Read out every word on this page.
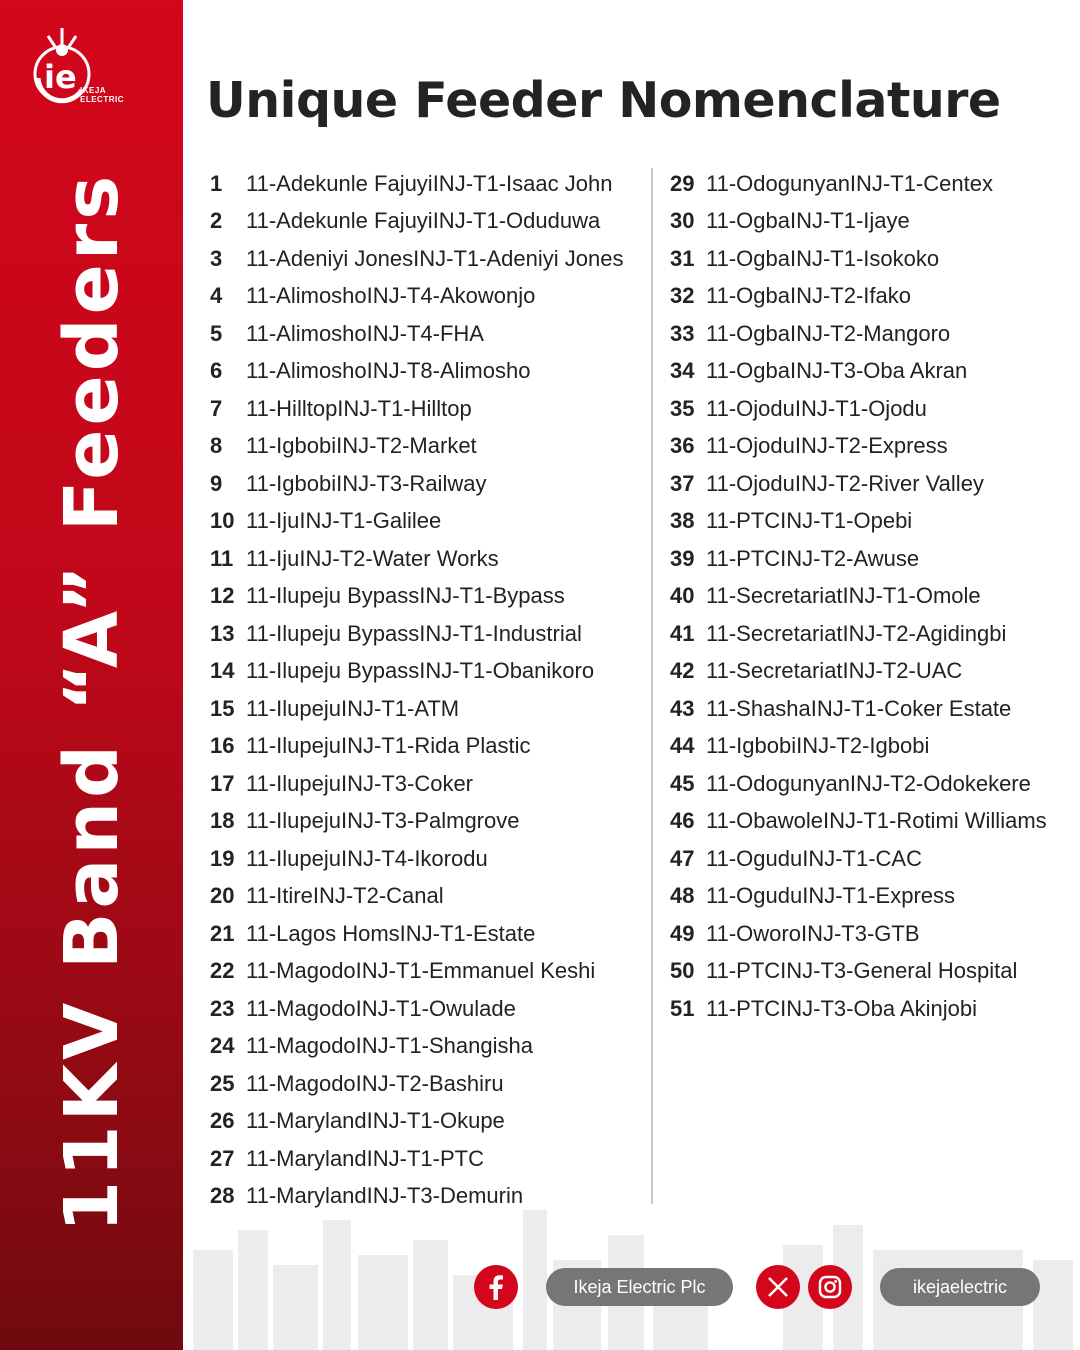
ie IKEJA
ELECTRIC
11KV Band “A” Feeders
Unique Feeder Nomenclature
1	11-Adekunle FajuyiINJ-T1-Isaac John
2	11-Adekunle FajuyiINJ-T1-Oduduwa
3	11-Adeniyi JonesINJ-T1-Adeniyi Jones
4	11-AlimoshoINJ-T4-Akowonjo
5	11-AlimoshoINJ-T4-FHA
6	11-AlimoshoINJ-T8-Alimosho
7	11-HilltopINJ-T1-Hilltop
8	11-IgbobiINJ-T2-Market
9	11-IgbobiINJ-T3-Railway
10 11-IjuINJ-T1-Galilee
11 11-IjuINJ-T2-Water Works
12 11-Ilupeju BypassINJ-T1-Bypass
13 11-Ilupeju BypassINJ-T1-Industrial
14 11-Ilupeju BypassINJ-T1-Obanikoro
15 11-IlupejuINJ-T1-ATM
16 11-IlupejuINJ-T1-Rida Plastic
17 11-IlupejuINJ-T3-Coker
18 11-IlupejuINJ-T3-Palmgrove
19 11-IlupejuINJ-T4-Ikorodu
20 11-ItireINJ-T2-Canal
21 11-Lagos HomsINJ-T1-Estate
22 11-MagodoINJ-T1-Emmanuel Keshi
23 11-MagodoINJ-T1-Owulade
24 11-MagodoINJ-T1-Shangisha
25 11-MagodoINJ-T2-Bashiru
26 11-MarylandINJ-T1-Okupe
27 11-MarylandINJ-T1-PTC
28 11-MarylandINJ-T3-Demurin
29 11-OdogunyanINJ-T1-Centex
30 11-OgbaINJ-T1-Ijaye
31 11-OgbaINJ-T1-Isokoko
32 11-OgbaINJ-T2-Ifako
33 11-OgbaINJ-T2-Mangoro
34 11-OgbaINJ-T3-Oba Akran
35 11-OjoduINJ-T1-Ojodu
36 11-OjoduINJ-T2-Express
37 11-OjoduINJ-T2-River Valley
38 11-PTCINJ-T1-Opebi
39 11-PTCINJ-T2-Awuse
40 11-SecretariatINJ-T1-Omole
41 11-SecretariatINJ-T2-Agidingbi
42 11-SecretariatINJ-T2-UAC
43 11-ShashaINJ-T1-Coker Estate
44 11-IgbobiINJ-T2-Igbobi
45 11-OdogunyanINJ-T2-Odokekere
46 11-ObawoleINJ-T1-Rotimi Williams
47 11-OguduINJ-T1-CAC
48 11-OguduINJ-T1-Express
49 11-OworoINJ-T3-GTB
50 11-PTCINJ-T3-General Hospital
51 11-PTCINJ-T3-Oba Akinjobi
Ikeja Electric Plc	ikejaelectric
